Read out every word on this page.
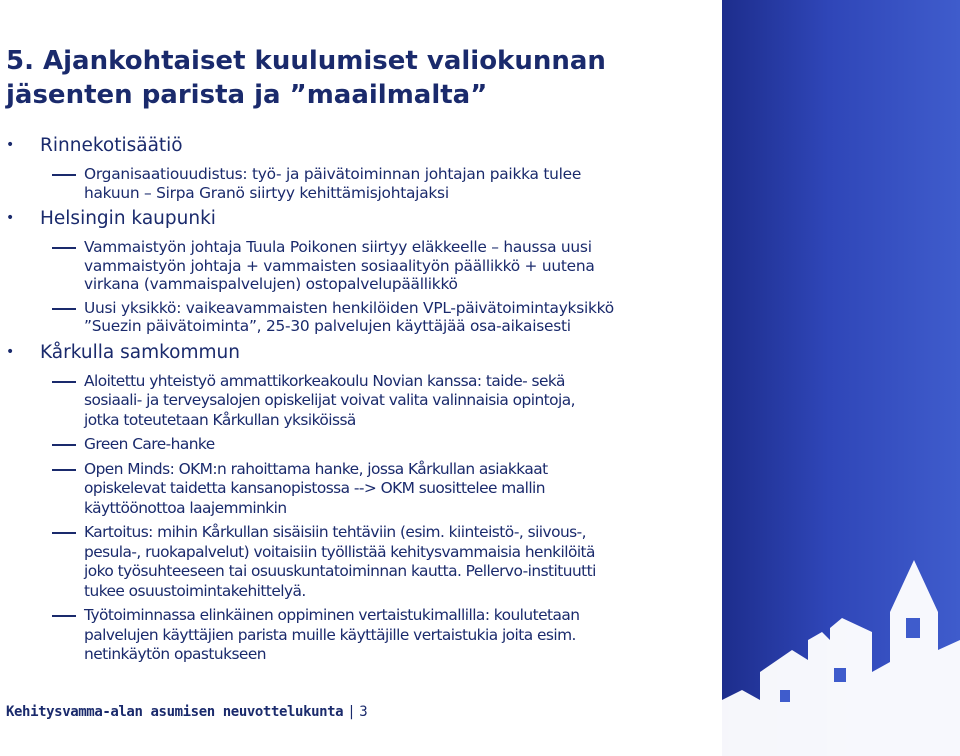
5. Ajankohtaiset kuulumiset valiokunnan jäsenten parista ja ”maailmalta”
• Rinnekotisäätiö
Organisaatiouudistus: työ- ja päivätoiminnan johtajan paikka tulee
hakuun – Sirpa Granö siirtyy kehittämisjohtajaksi
• Helsingin kaupunki
Vammaistyön johtaja Tuula Poikonen siirtyy eläkkeelle – haussa uusi
vammaistyön johtaja + vammaisten sosiaalityön päällikkö + uutena
virkana (vammaispalvelujen) ostopalvelupäällikkö
Uusi yksikkö: vaikeavammaisten henkilöiden VPL-päivätoimintayksikkö
”Suezin päivätoiminta”, 25-30 palvelujen käyttäjää osa-aikaisesti
• Kårkulla samkommun
Aloitettu yhteistyö ammattikorkeakoulu Novian kanssa: taide- sekä
sosiaali- ja terveysalojen opiskelijat voivat valita valinnaisia opintoja,
jotka toteutetaan Kårkullan yksiköissä
Green Care-hanke
Open Minds: OKM:n rahoittama hanke, jossa Kårkullan asiakkaat
opiskelevat taidetta kansanopistossa --> OKM suosittelee mallin
käyttöönottoa laajemminkin
Kartoitus: mihin Kårkullan sisäisiin tehtäviin (esim. kiinteistö-, siivous-,
pesula-, ruokapalvelut) voitaisiin työllistää kehitysvammaisia henkilöitä
joko työsuhteeseen tai osuuskuntatoiminnan kautta. Pellervo-instituutti
tukee osuustoimintakehittelyä.
Työtoiminnassa elinkäinen oppiminen vertaistukimallilla: koulutetaan
palvelujen käyttäjien parista muille käyttäjille vertaistukia joita esim.
netinkäytön opastukseen
Kehitysvamma-alan asumisen neuvottelukunta | 3
